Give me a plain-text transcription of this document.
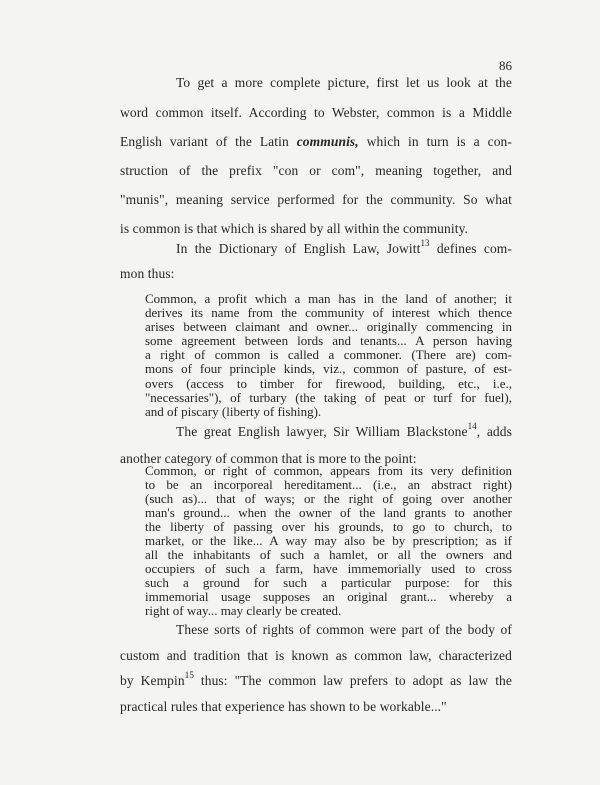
86
To get a more complete picture, first let us look at the
word common itself. According to Webster, common is a Middle
English variant of the Latin communis, which in turn is a con-
struction of the prefix "con or com", meaning together, and
"munis", meaning service performed for the community. So what
is common is that which is shared by all within the community.
In the Dictionary of English Law, Jowitt$^{13}$ defines com-
mon thus:
Common, a profit which a man has in the land of another; it
derives its name from the community of interest which thence
arises between claimant and owner... originally commencing in
some agreement between lords and tenants... A person having
a right of common is called a commoner. (There are) com-
mons of four principle kinds, viz., common of pasture, of est-
overs (access to timber for firewood, building, etc., i.e.,
"necessaries"), of turbary (the taking of peat or turf for fuel),
and of piscary (liberty of fishing).
The great English lawyer, Sir William Blackstone$^{14}$, adds
another category of common that is more to the point:
Common, or right of common, appears from its very definition
to be an incorporeal hereditament... (i.e., an abstract right)
(such as)... that of ways; or the right of going over another
man's ground... when the owner of the land grants to another
the liberty of passing over his grounds, to go to church, to
market, or the like... A way may also be by prescription; as if
all the inhabitants of such a hamlet, or all the owners and
occupiers of such a farm, have immemorially used to cross
such a ground for such a particular purpose: for this
immemorial usage supposes an original grant... whereby a
right of way... may clearly be created.
These sorts of rights of common were part of the body of
custom and tradition that is known as common law, characterized
by Kempin$^{15}$ thus: "The common law prefers to adopt as law the
practical rules that experience has shown to be workable..."
